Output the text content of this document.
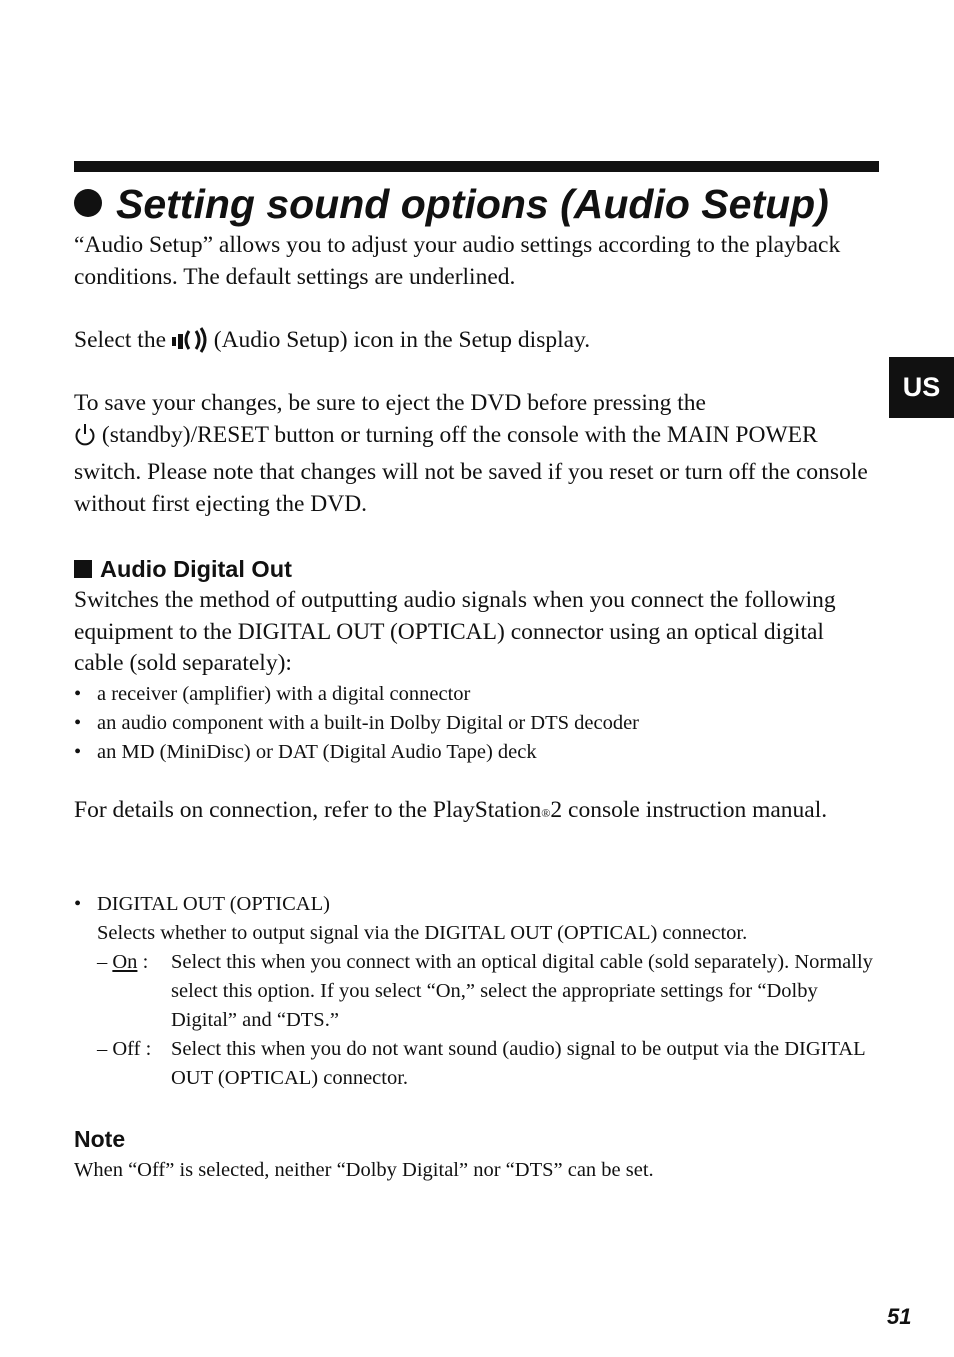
Setting sound options (Audio Setup)
US

“Audio Setup” allows you to adjust your audio settings according to the playback conditions. The default settings are underlined.

Select the (Audio Setup) icon in the Setup display.

To save your changes, be sure to eject the DVD before pressing the
(standby)/RESET button or turning off the console with the MAIN POWER switch. Please note that changes will not be saved if you reset or turn off the console without first ejecting the DVD.

Audio Digital Out

Switches the method of outputting audio signals when you connect the following equipment to the DIGITAL OUT (OPTICAL) connector using an optical digital cable (sold separately):

• a receiver (amplifier) with a digital connector
• an audio component with a built-in Dolby Digital or DTS decoder
• an MD (MiniDisc) or DAT (Digital Audio Tape) deck

For details on connection, refer to the PlayStation®2 console instruction manual.

• DIGITAL OUT (OPTICAL)
Selects whether to output signal via the DIGITAL OUT (OPTICAL) connector.
– On : Select this when you connect with an optical digital cable (sold separately). Normally select this option. If you select “On,” select the appropriate settings for “Dolby Digital” and “DTS.”
– Off : Select this when you do not want sound (audio) signal to be output via the DIGITAL OUT (OPTICAL) connector.
Note

When “Off” is selected, neither “Dolby Digital” nor “DTS” can be set.

51
